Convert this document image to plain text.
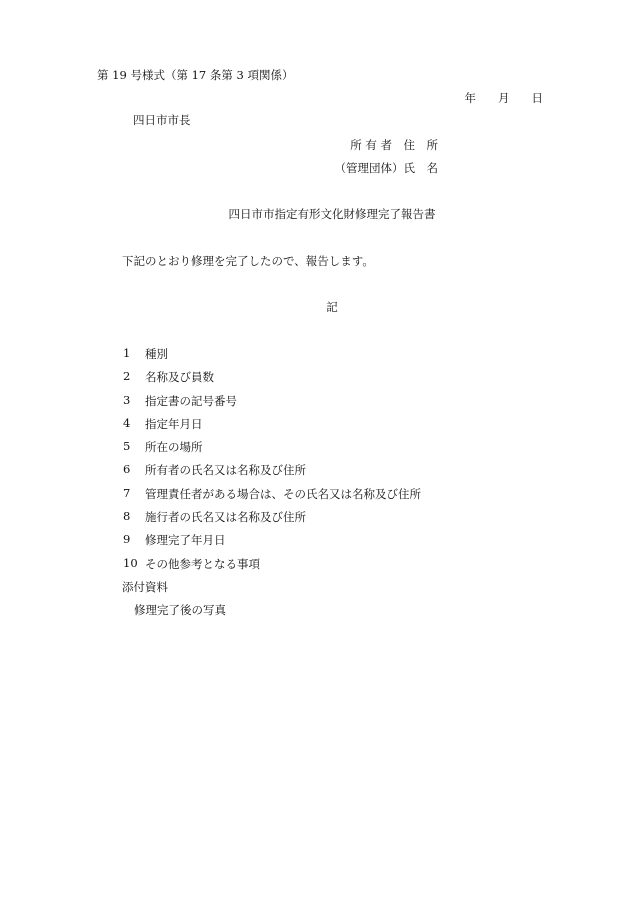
第 19 号様式（第 17 条第 3 項関係）
年 月 日
四日市市長
所 有 者　住　所
（管理団体）氏　名
四日市市指定有形文化財修理完了報告書
下記のとおり修理を完了したので、報告します。
記
1	種別
2	名称及び員数
3	指定書の記号番号
4	指定年月日
5	所在の場所
6	所有者の氏名又は名称及び住所
7	管理責任者がある場合は、その氏名又は名称及び住所
8	施行者の氏名又は名称及び住所
9	修理完了年月日
10 その他参考となる事項
添付資料
修理完了後の写真
